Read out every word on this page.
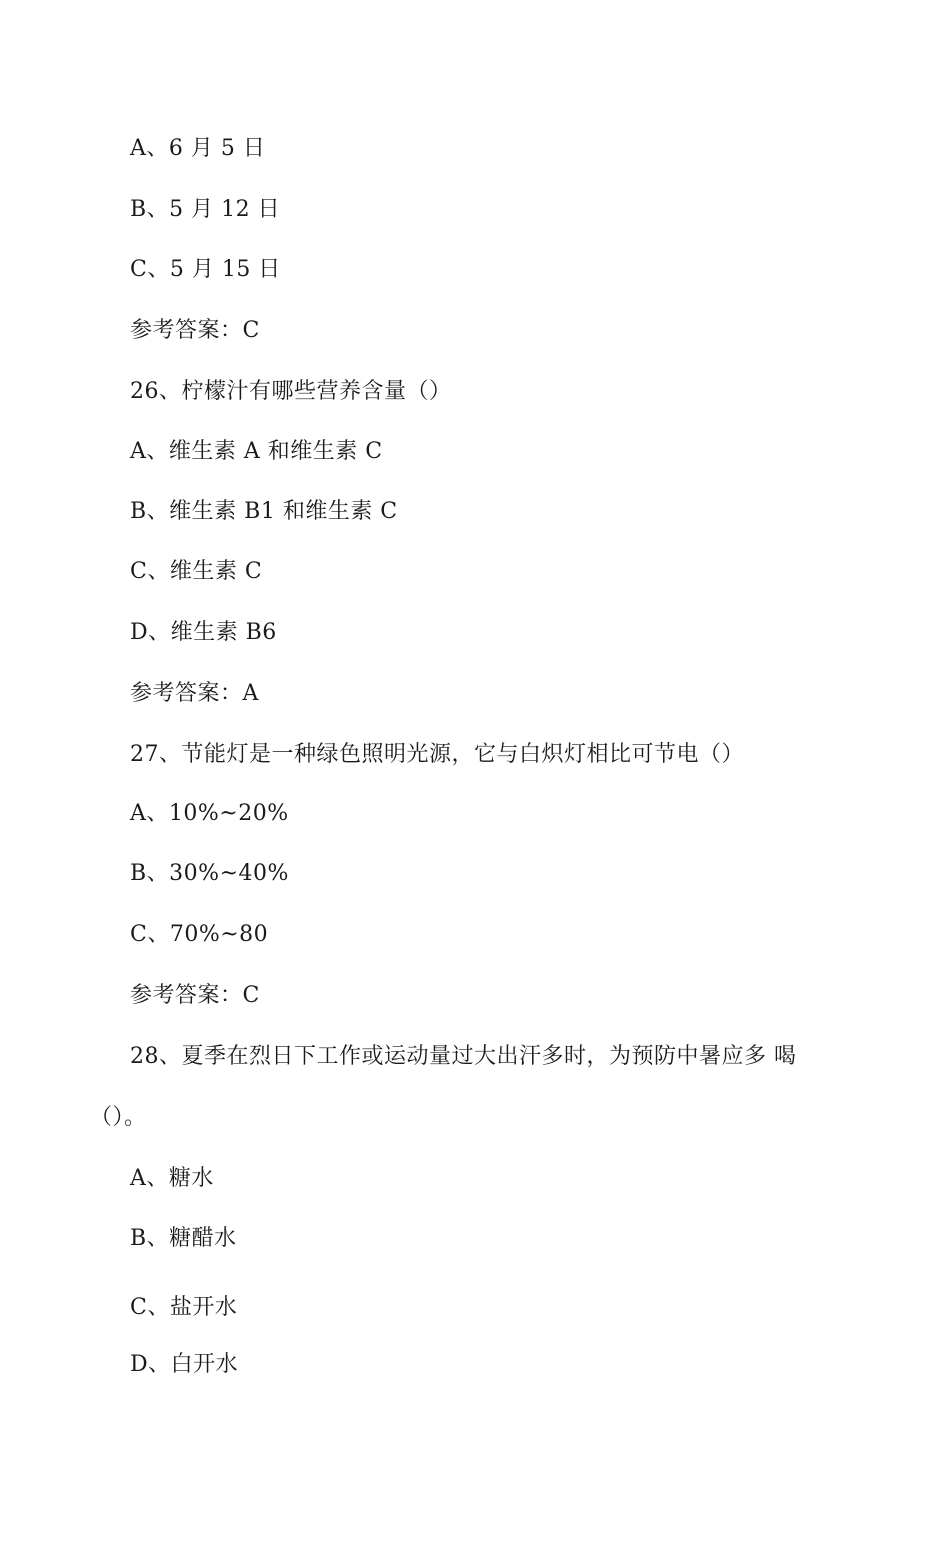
A、6 月 5 日
B、5 月 12 日
C、5 月 15 日
参考答案：C
26、柠檬汁有哪些营养含量（）
A、维生素 A 和维生素 C
B、维生素 B1 和维生素 C
C、维生素 C
D、维生素 B6
参考答案：A
27、节能灯是一种绿色照明光源，它与白炽灯相比可节电（）
A、10%~20%
B、30%~40%
C、70%~80
参考答案：C
28、夏季在烈日下工作或运动量过大出汗多时，为预防中暑应多 喝
（）。
A、糖水
B、糖醋水
C、盐开水
D、白开水
